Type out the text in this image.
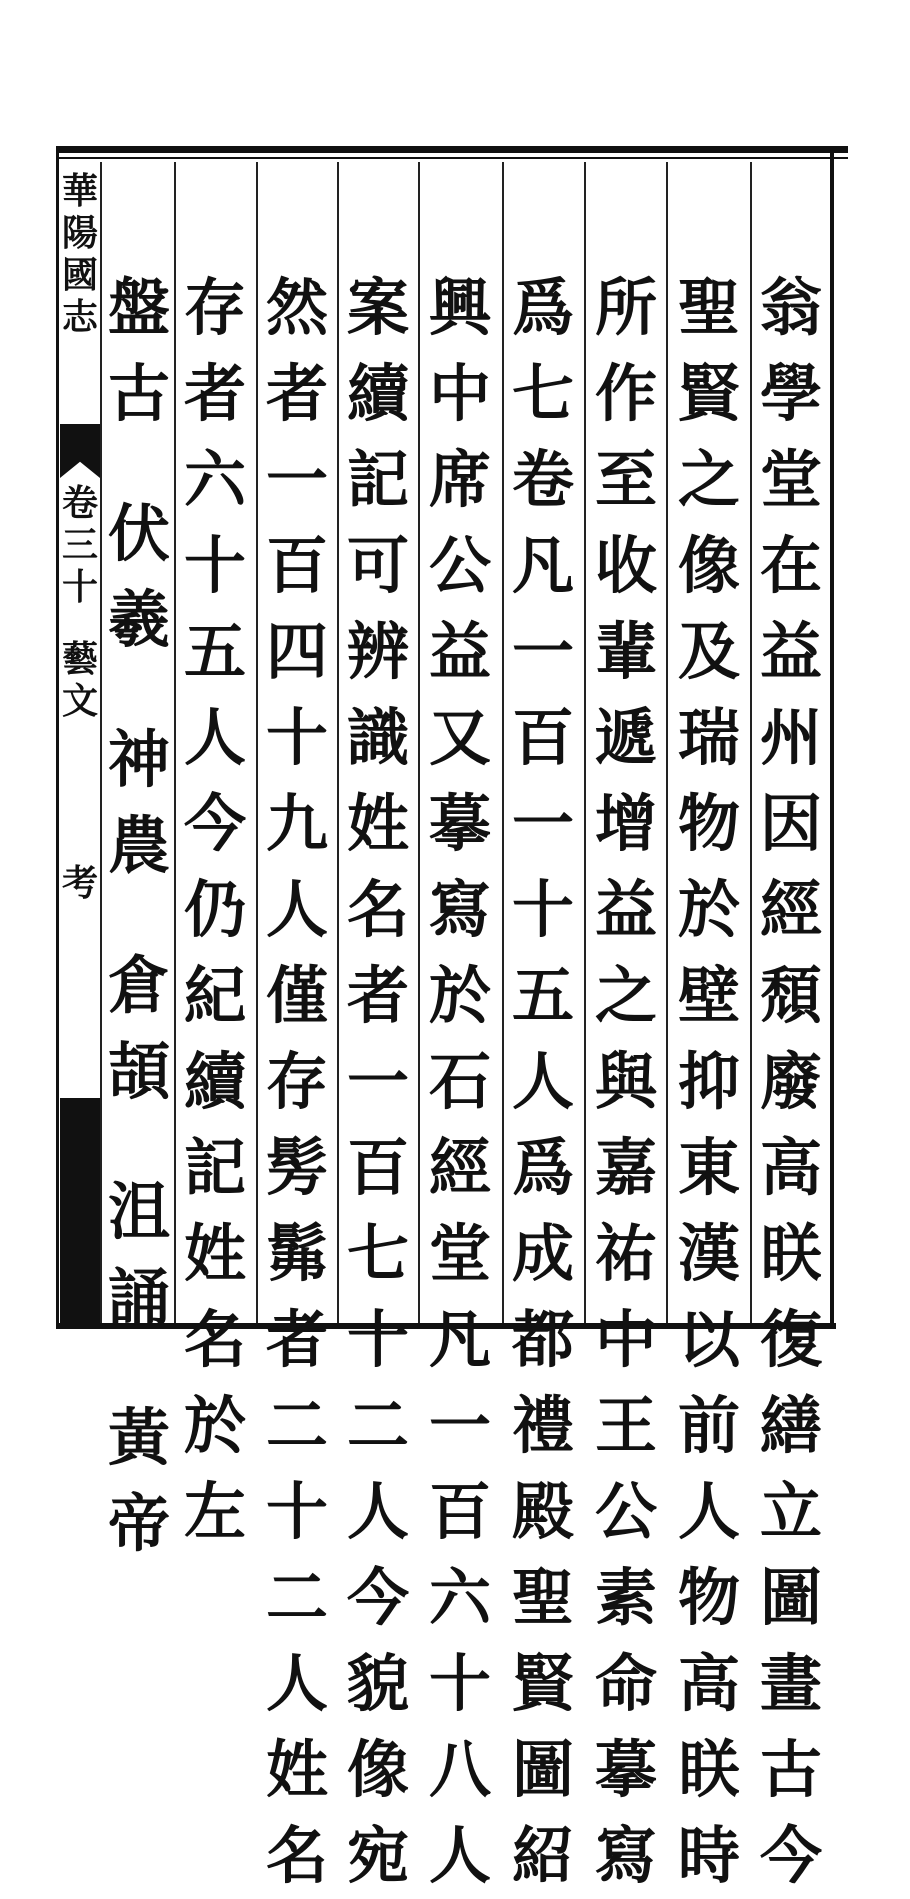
華
陽
國
志
卷
三
十
藝
文
考
翁
學
堂
在
益
州
因
經
頹
廢
高
眹
復
繕
立
圖
畫
古
今
聖
賢
之
像
及
瑞
物
於
壁
抑
東
漢
以
前
人
物
高
眹
時
所
作
至
收
輩
遞
增
益
之
與
嘉
祐
中
王
公
素
命
摹
寫
爲
七
卷
凡
一
百
一
十
五
人
爲
成
都
禮
殿
聖
賢
圖
紹
興
中
席
公
益
又
摹
寫
於
石
經
堂
凡
一
百
六
十
八
人
案
續
記
可
辨
識
姓
名
者
一
百
七
十
二
人
今
貌
像
宛
然
者
一
百
四
十
九
人
僅
存
髣
髴
者
二
十
二
人
姓
名
存
者
六
十
五
人
今
仍
紀
續
記
姓
名
於
左
盤
古
伏
羲
神
農
倉
頡
沮
誦
黃
帝
